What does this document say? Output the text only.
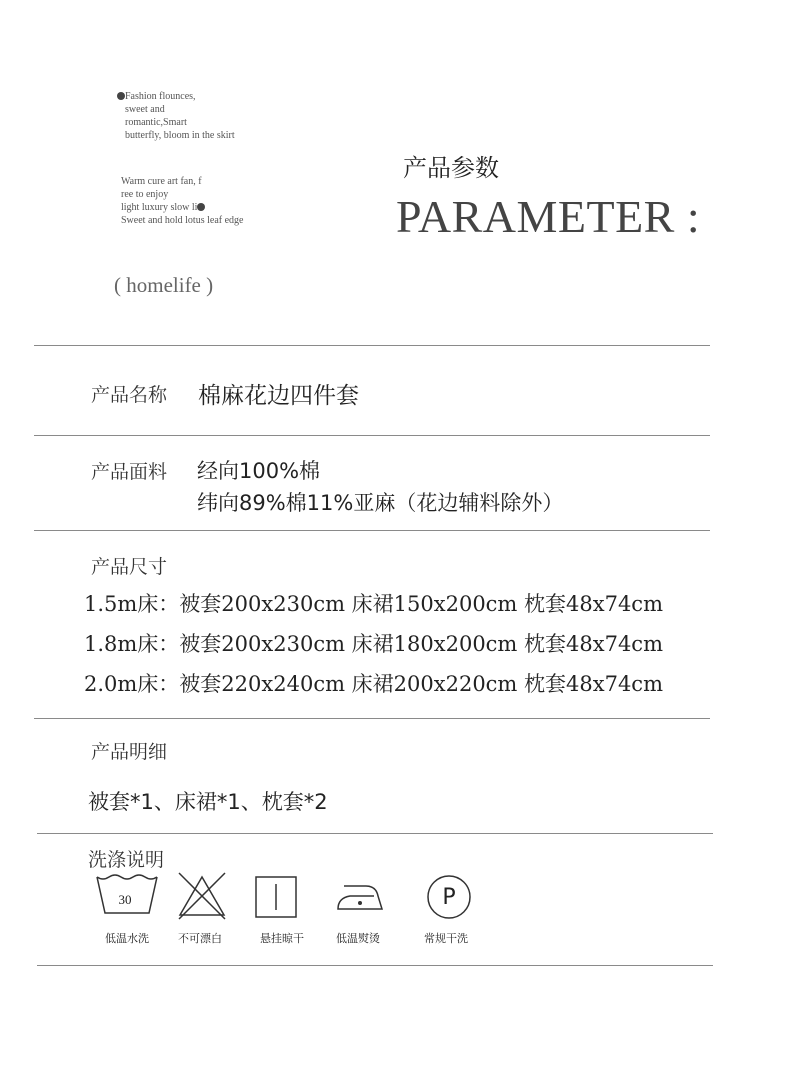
Fashion flounces,
sweet and
romantic,Smart
butterfly, bloom in the skirt
Warm cure art fan, f
ree to enjoy
light luxury slow li
Sweet and hold lotus leaf edge
产品参数
PARAMETER :
( homelife )
产品名称 棉麻花边四件套
产品面料 经向100%棉
纬向89%棉11%亚麻（花边辅料除外）
产品尺寸
1.5m床：被套200x230cm 床裙150x200cm 枕套48x74cm
1.8m床：被套200x230cm 床裙180x200cm 枕套48x74cm
2.0m床：被套220x240cm 床裙200x220cm 枕套48x74cm
产品明细
被套*1、床裙*1、枕套*2
洗涤说明
30
低温水洗	不可漂白	悬挂晾干	低温熨烫
P
常规干洗
